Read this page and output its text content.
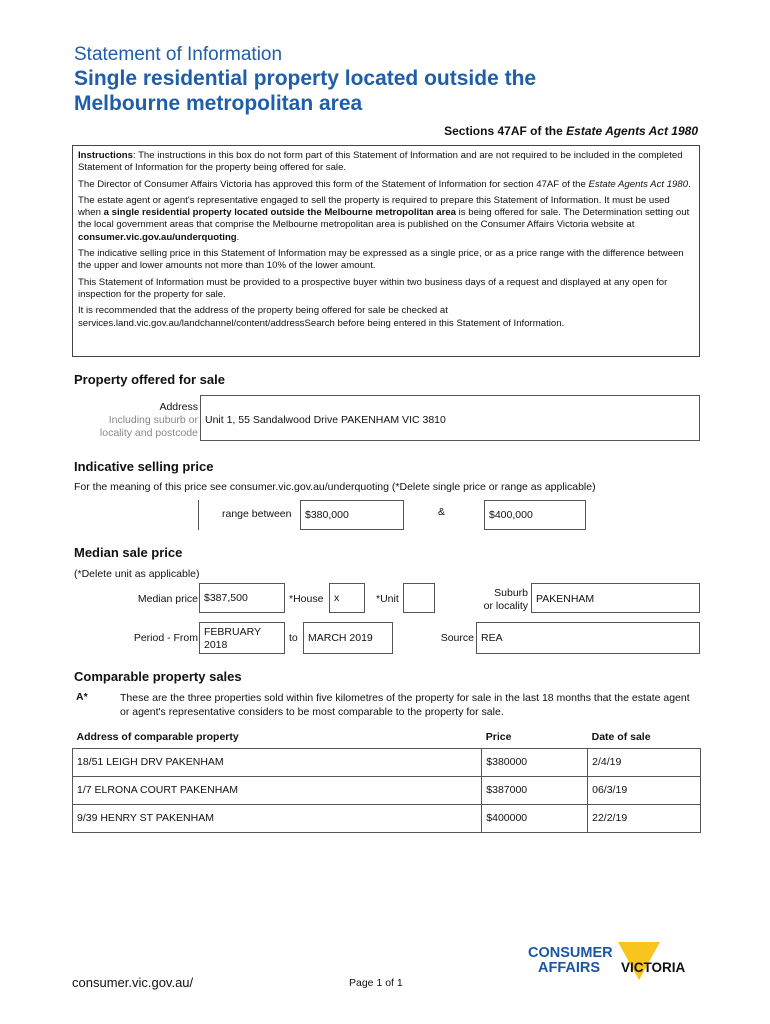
Statement of Information
Single residential property located outside the
Melbourne metropolitan area
Sections 47AF of the Estate Agents Act 1980

Instructions: The instructions in this box do not form part of this Statement of Information and are not required to be included in the completed Statement of Information for the property being offered for sale.

The Director of Consumer Affairs Victoria has approved this form of the Statement of Information for section 47AF of the Estate Agents Act 1980.

The estate agent or agent's representative engaged to sell the property is required to prepare this Statement of Information. It must be used when a single residential property located outside the Melbourne metropolitan area is being offered for sale. The Determination setting out the local government areas that comprise the Melbourne metropolitan area is published on the Consumer Affairs Victoria website at consumer.vic.gov.au/underquoting.

The indicative selling price in this Statement of Information may be expressed as a single price, or as a price range with the difference between the upper and lower amounts not more than 10% of the lower amount.

This Statement of Information must be provided to a prospective buyer within two business days of a request and displayed at any open for inspection for the property for sale.

It is recommended that the address of the property being offered for sale be checked at services.land.vic.gov.au/landchannel/content/addressSearch before being entered in this Statement of Information.

Property offered for sale
Address
Including suburb or
locality and postcode
Unit 1, 55 Sandalwood Drive PAKENHAM VIC 3810
Indicative selling price
For the meaning of this price see consumer.vic.gov.au/underquoting (*Delete single price or range as applicable)
range between	$380,000	&	$400,000
Median sale price
(*Delete unit as applicable)
Median price $387,500	*House	x	*Unit	Suburb
or locality
PAKENHAM
Period - From FEBRUARY
2018
to MARCH 2019	Source REA
Comparable property sales
A*	These are the three properties sold within five kilometres of the property for sale in the last 18 months that the estate agent or agent's representative considers to be most comparable to the property for sale.
Address of comparable property	Price	Date of sale
18/51 LEIGH DRV PAKENHAM	$380000	2/4/19
1/7 ELRONA COURT PAKENHAM	$387000	06/3/19
9/39 HENRY ST PAKENHAM	$400000	22/2/19
CONSUMER
AFFAIRS VICTORIA
consumer.vic.gov.au/	Page 1 of 1
